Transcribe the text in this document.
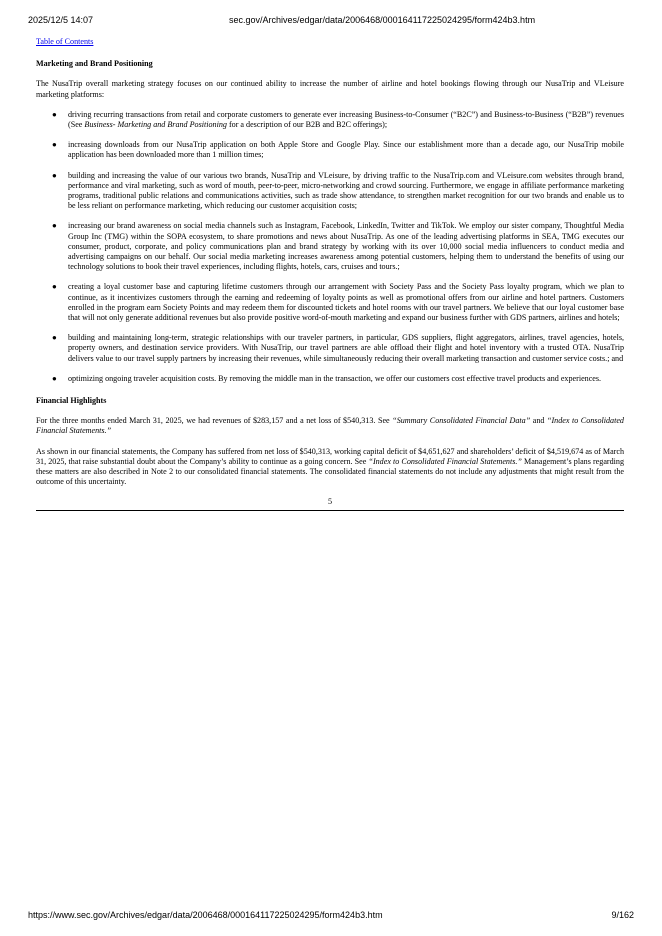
2025/12/5 14:07	sec.gov/Archives/edgar/data/2006468/000164117225024295/form424b3.htm
Table of Contents
Marketing and Brand Positioning

The NusaTrip overall marketing strategy focuses on our continued ability to increase the number of airline and hotel bookings flowing through our NusaTrip and VLeisure marketing platforms:

● driving recurring transactions from retail and corporate customers to generate ever increasing Business-to-Consumer (“B2C”) and Business-to-Business (“B2B”) revenues (See Business- Marketing and Brand Positioning for a description of our B2B and B2C offerings);
● increasing downloads from our NusaTrip application on both Apple Store and Google Play. Since our establishment more than a decade ago, our NusaTrip mobile application has been downloaded more than 1 million times;
● building and increasing the value of our various two brands, NusaTrip and VLeisure, by driving traffic to the NusaTrip.com and VLeisure.com websites through brand, performance and viral marketing, such as word of mouth, peer-to-peer, micro-networking and crowd sourcing. Furthermore, we engage in affiliate performance marketing programs, traditional public relations and communications activities, such as trade show attendance, to strengthen market recognition for our two brands and enable us to be less reliant on performance marketing, which reducing our customer acquisition costs;
● increasing our brand awareness on social media channels such as Instagram, Facebook, LinkedIn, Twitter and TikTok. We employ our sister company, Thoughtful Media Group Inc (TMG) within the SOPA ecosystem, to share promotions and news about NusaTrip. As one of the leading advertising platforms in SEA, TMG executes our consumer, product, corporate, and policy communications plan and brand strategy by working with its over 10,000 social media influencers to conduct media and advertising campaigns on our behalf. Our social media marketing increases awareness among potential customers, helping them to understand the benefits of using our technology solutions to book their travel experiences, including flights, hotels, cars, cruises and tours.;
● creating a loyal customer base and capturing lifetime customers through our arrangement with Society Pass and the Society Pass loyalty program, which we plan to continue, as it incentivizes customers through the earning and redeeming of loyalty points as well as promotional offers from our airline and hotel partners. Customers enrolled in the program earn Society Points and may redeem them for discounted tickets and hotel rooms with our travel partners. We believe that our loyal customer base that will not only generate additional revenues but also provide positive word-of-mouth marketing and expand our business further with GDS partners, airlines and hotels;
● building and maintaining long-term, strategic relationships with our traveler partners, in particular, GDS suppliers, flight aggregators, airlines, travel agencies, hotels, property owners, and destination service providers. With NusaTrip, our travel partners are able offload their flight and hotel inventory with a trusted OTA. NusaTrip delivers value to our travel supply partners by increasing their revenues, while simultaneously reducing their overall marketing transaction and customer service costs.; and
● optimizing ongoing traveler acquisition costs. By removing the middle man in the transaction, we offer our customers cost effective travel products and experiences.
Financial Highlights

For the three months ended March 31, 2025, we had revenues of $283,157 and a net loss of $540,313. See “Summary Consolidated Financial Data” and “Index to Consolidated Financial Statements.”

As shown in our financial statements, the Company has suffered from net loss of $540,313, working capital deficit of $4,651,627 and shareholders’ deficit of $4,519,674 as of March 31, 2025, that raise substantial doubt about the Company’s ability to continue as a going concern. See “Index to Consolidated Financial Statements.” Management’s plans regarding these matters are also described in Note 2 to our consolidated financial statements. The consolidated financial statements do not include any adjustments that might result from the outcome of this uncertainty.

5
https://www.sec.gov/Archives/edgar/data/2006468/000164117225024295/form424b3.htm	9/162
